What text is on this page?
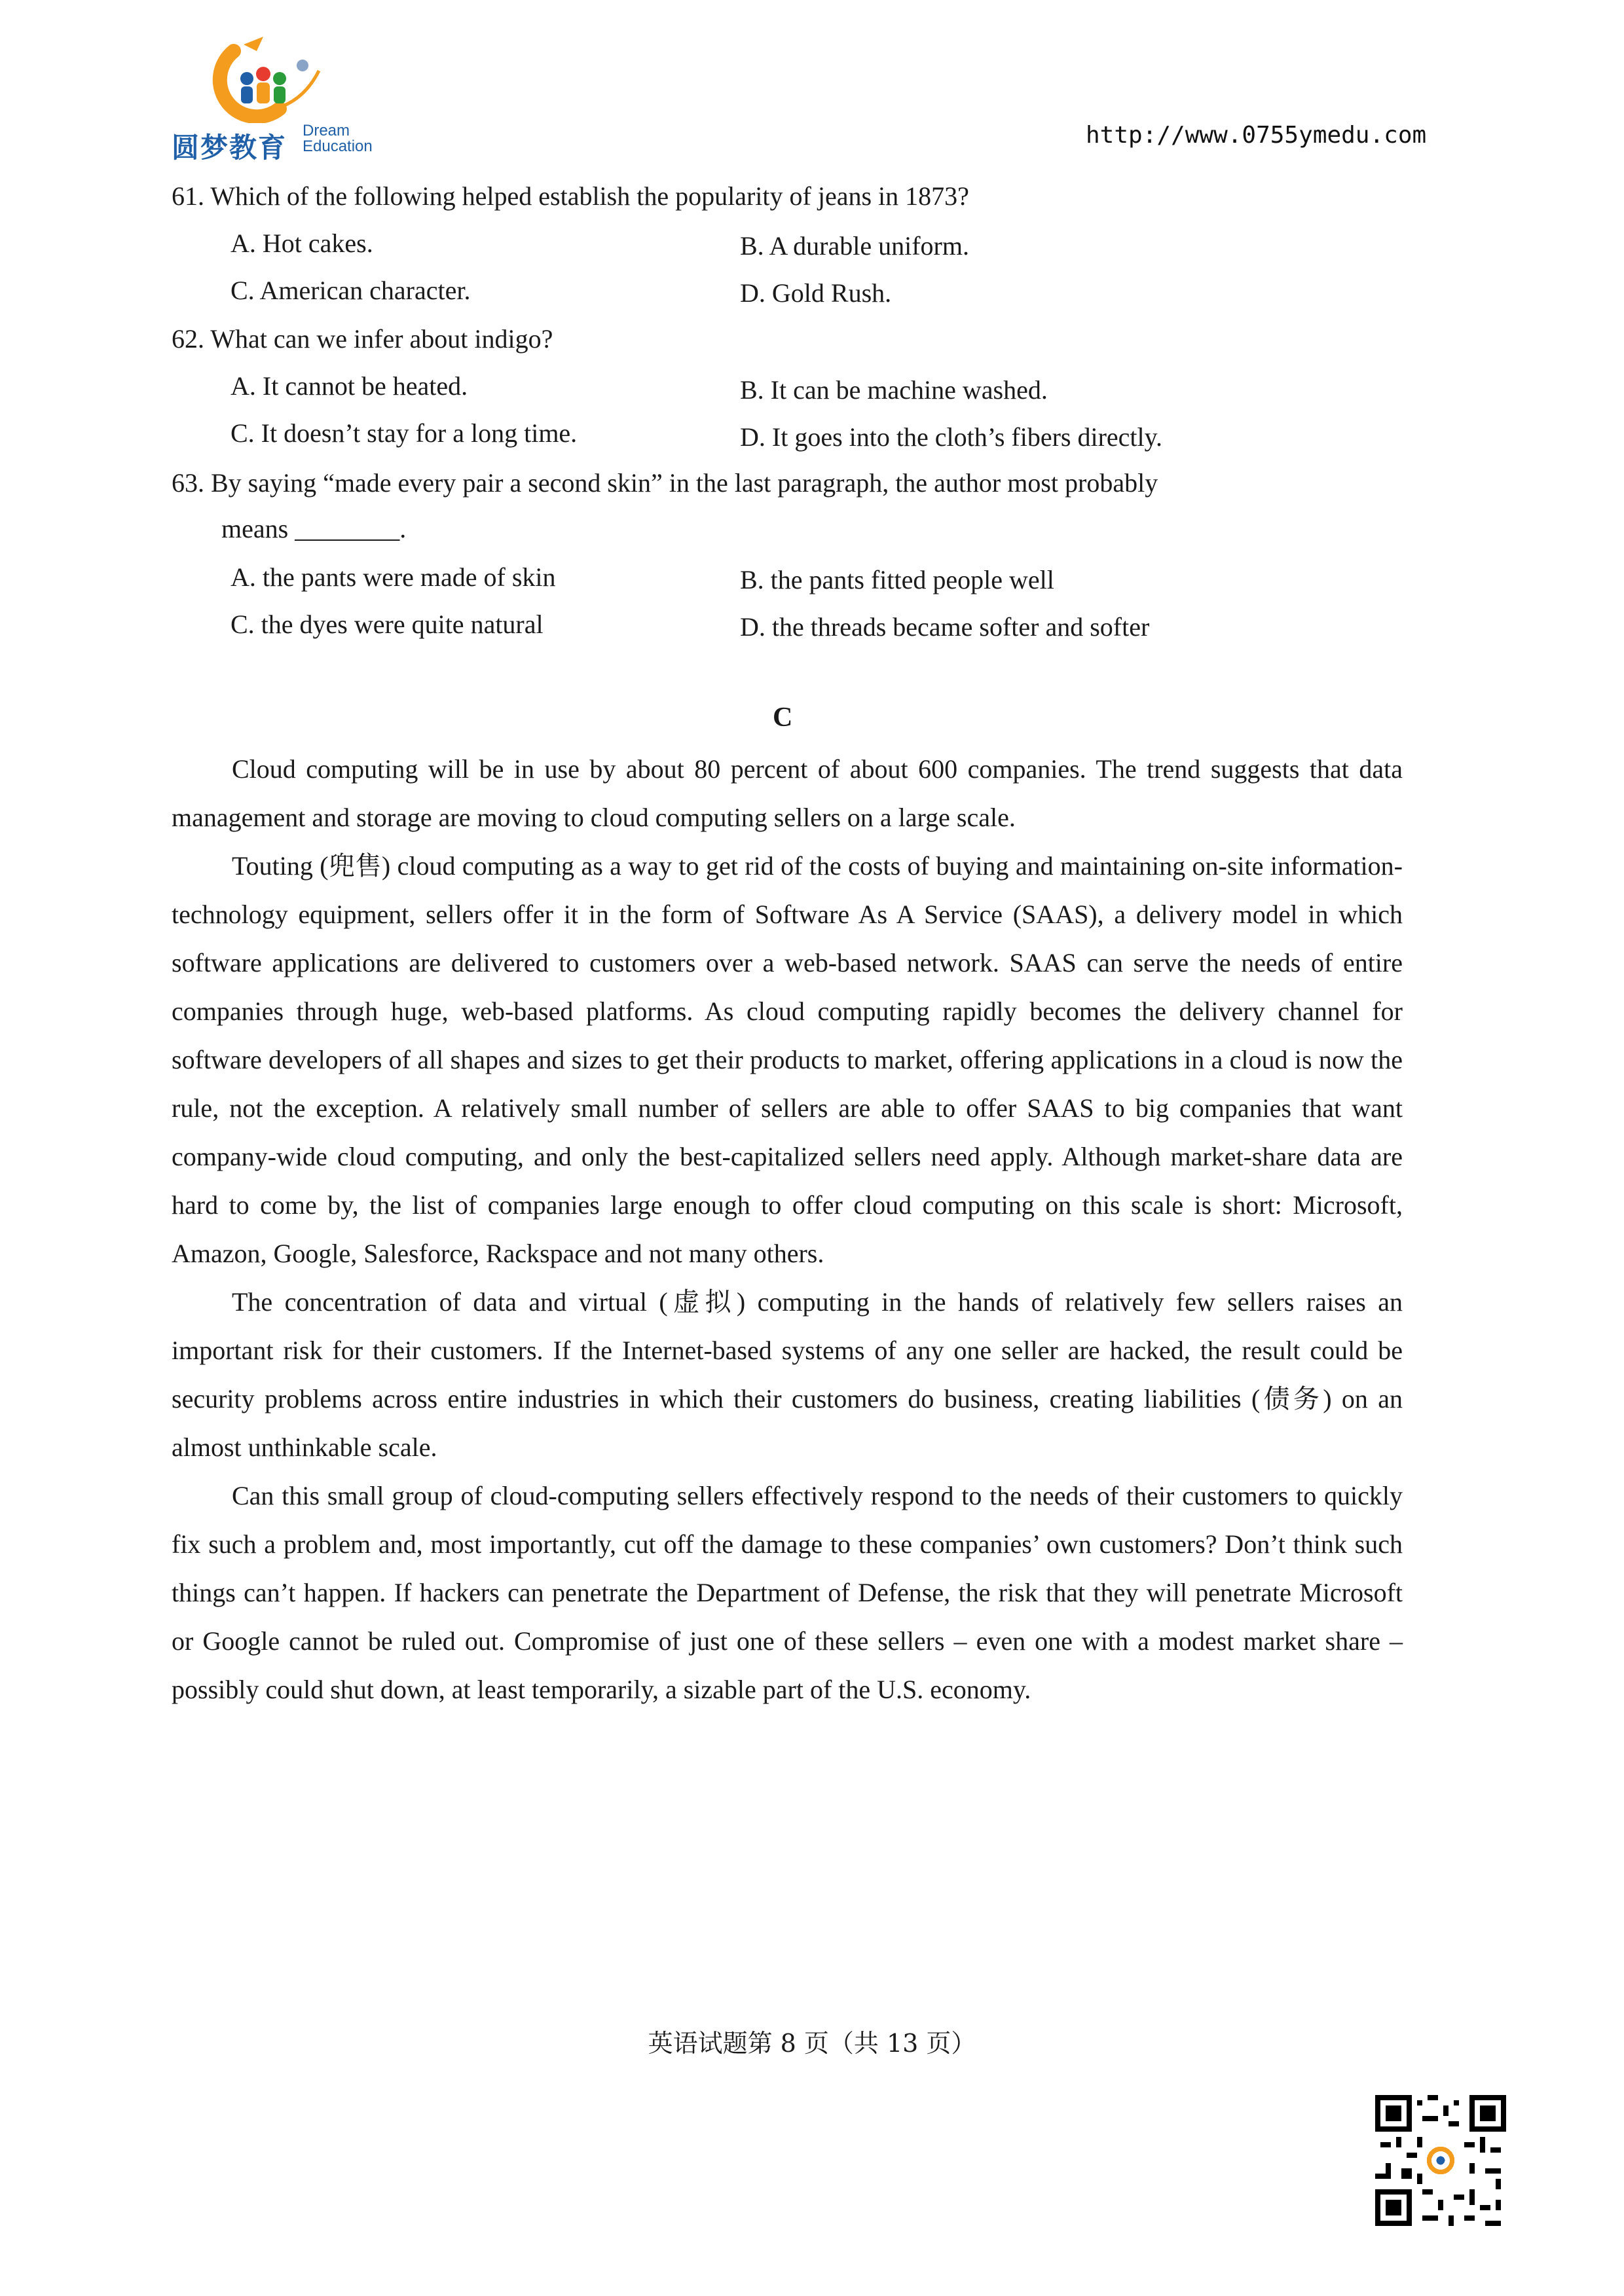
圆梦教育
Dream
Education	http://www.0755ymedu.com
61. Which of the following helped establish the popularity of jeans in 1873?
A. Hot cakes.	B. A durable uniform.
C. American character.	D. Gold Rush.
62. What can we infer about indigo?
A. It cannot be heated.	B. It can be machine washed.
C. It doesn’t stay for a long time.	D. It goes into the cloth’s fibers directly.
63. By saying “made every pair a second skin” in the last paragraph, the author most probably
means ________.
A. the pants were made of skin	B. the pants fitted people well
C. the dyes were quite natural	D. the threads became softer and softer
C

Cloud computing will be in use by about 80 percent of about 600 companies. The trend suggests that data management and storage are moving to cloud computing sellers on a large scale.

Touting (兜售) cloud computing as a way to get rid of the costs of buying and maintaining on-site information-technology equipment, sellers offer it in the form of Software As A Service (SAAS), a delivery model in which software applications are delivered to customers over a web-based network. SAAS can serve the needs of entire companies through huge, web-based platforms. As cloud computing rapidly becomes the delivery channel for software developers of all shapes and sizes to get their products to market, offering applications in a cloud is now the rule, not the exception. A relatively small number of sellers are able to offer SAAS to big companies that want company-wide cloud computing, and only the best-capitalized sellers need apply. Although market-share data are hard to come by, the list of companies large enough to offer cloud computing on this scale is short: Microsoft, Amazon, Google, Salesforce, Rackspace and not many others.

The concentration of data and virtual (虚拟) computing in the hands of relatively few sellers raises an important risk for their customers. If the Internet-based systems of any one seller are hacked, the result could be security problems across entire industries in which their customers do business, creating liabilities (债务) on an almost unthinkable scale.

Can this small group of cloud-computing sellers effectively respond to the needs of their customers to quickly fix such a problem and, most importantly, cut off the damage to these companies’ own customers? Don’t think such things can’t happen. If hackers can penetrate the Department of Defense, the risk that they will penetrate Microsoft or Google cannot be ruled out. Compromise of just one of these sellers – even one with a modest market share – possibly could shut down, at least temporarily, a sizable part of the U.S. economy.

英语试题第 8 页（共 13 页）
